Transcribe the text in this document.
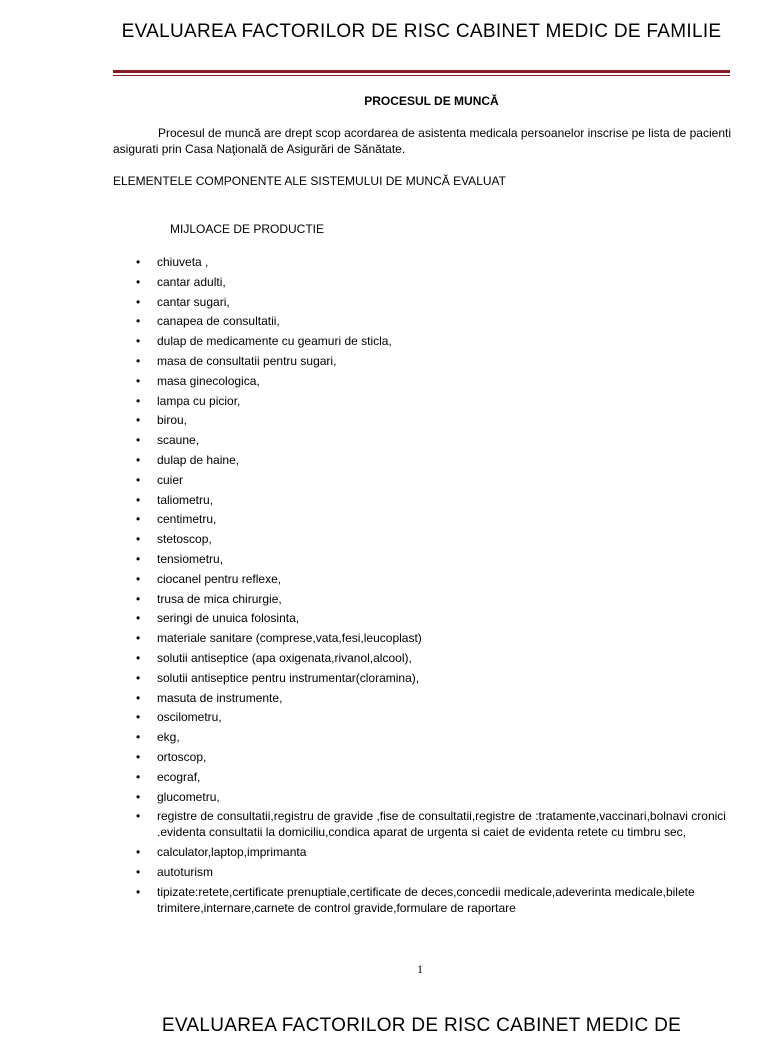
EVALUAREA FACTORILOR DE RISC CABINET MEDIC DE FAMILIE
PROCESUL DE MUNCĂ

Procesul de muncă are drept scop acordarea de asistenta medicala persoanelor inscrise pe lista de pacienti asigurati prin Casa Naţională de Asigurări de Sănătate.

ELEMENTELE COMPONENTE ALE SISTEMULUI DE MUNCĂ EVALUAT
MIJLOACE DE PRODUCTIE
• chiuveta ,
• cantar adulti,
• cantar sugari,
• canapea de consultatii,
• dulap de medicamente cu geamuri de sticla,
• masa de consultatii pentru sugari,
• masa ginecologica,
• lampa cu picior,
• birou,
• scaune,
• dulap de haine,
• cuier
• taliometru,
• centimetru,
• stetoscop,
• tensiometru,
• ciocanel pentru reflexe,
• trusa de mica chirurgie,
• seringi de unuica folosinta,
• materiale sanitare (comprese,vata,fesi,leucoplast)
• solutii antiseptice (apa oxigenata,rivanol,alcool),
• solutii antiseptice pentru instrumentar(cloramina),
• masuta de instrumente,
• oscilometru,
• ekg,
• ortoscop,
• ecograf,
• glucometru,
• registre de consultatii,registru de gravide ,fise de consultatii,registre de :tratamente,vaccinari,bolnavi cronici .evidenta consultatii la domiciliu,condica aparat de urgenta si caiet de evidenta retete cu timbru sec,
• calculator,laptop,imprimanta
• autoturism
• tipizate:retete,certificate prenuptiale,certificate de deces,concedii medicale,adeverinta medicale,bilete trimitere,internare,carnete de control gravide,formulare de raportare
1
EVALUAREA FACTORILOR DE RISC CABINET MEDIC DE
